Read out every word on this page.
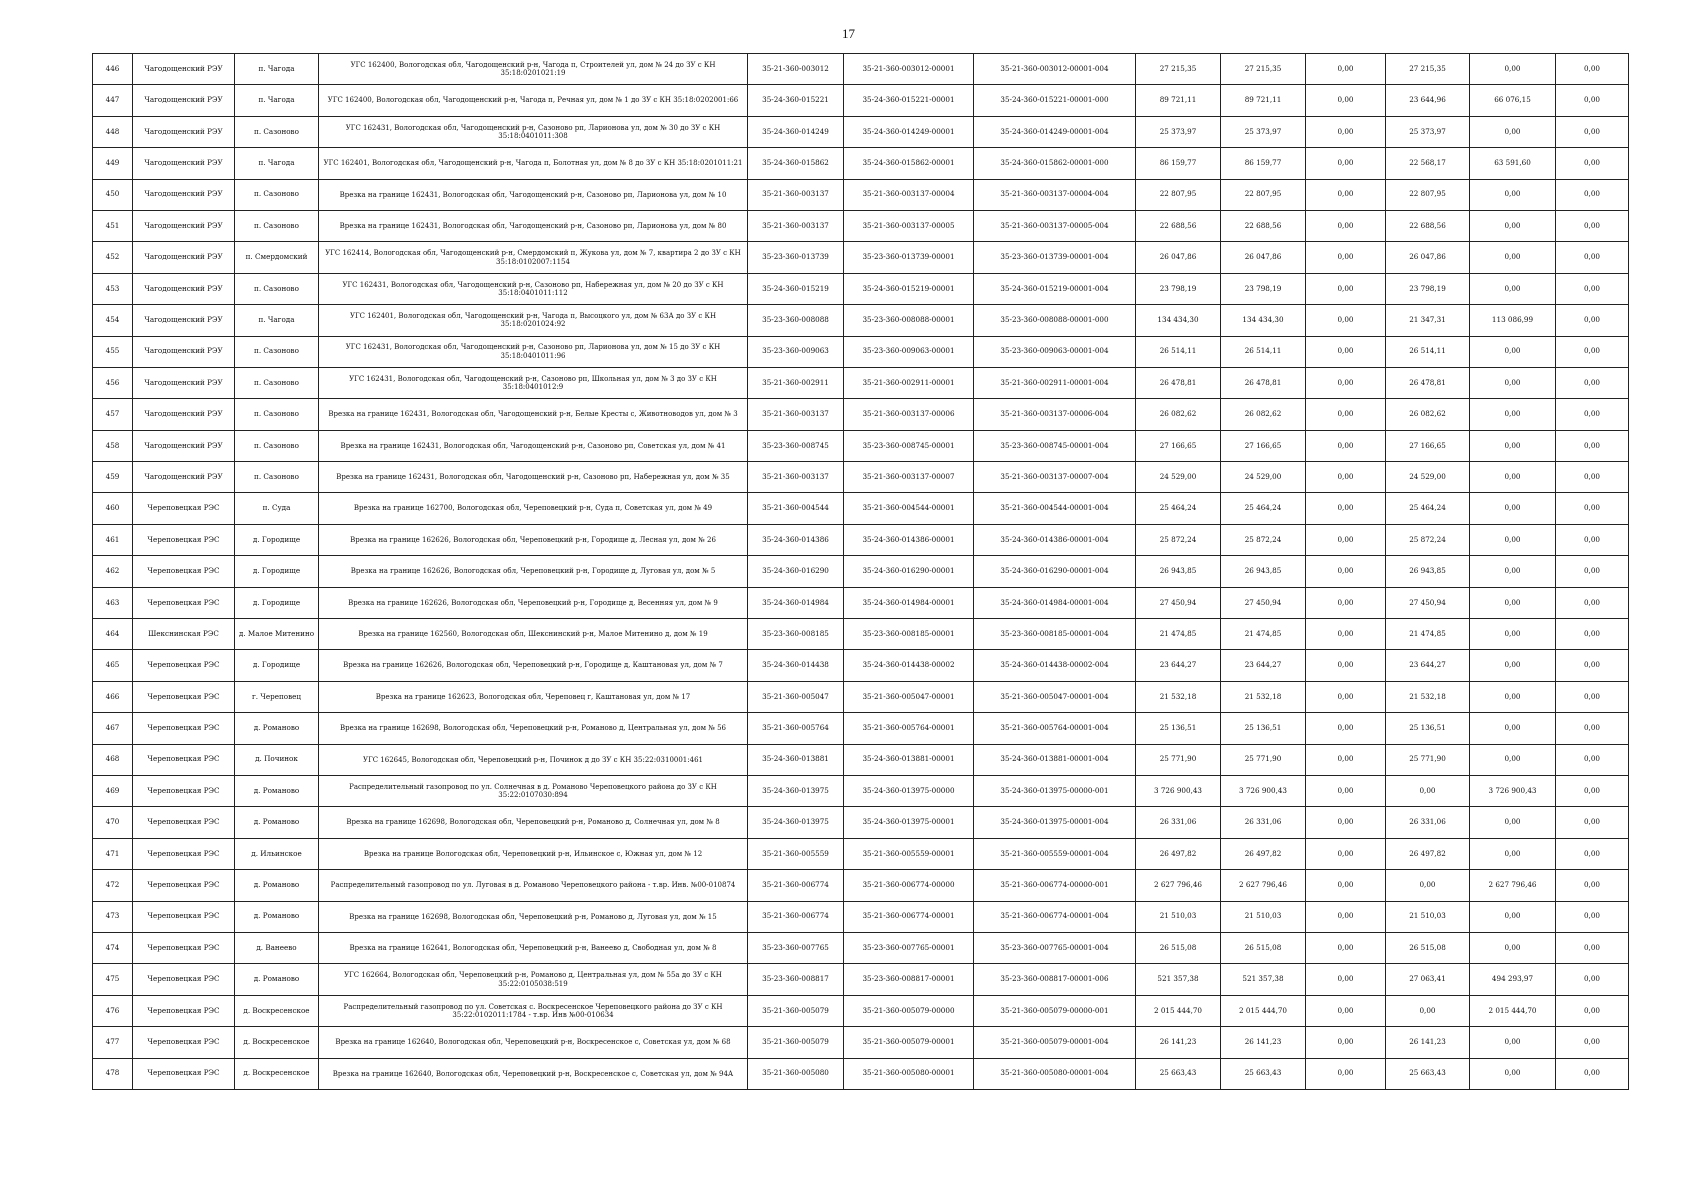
17
446	Чагодощенский РЭУ	п. Чагода	УГС 162400, Вологодская обл, Чагодощенский р-н, Чагода п, Строителей ул, дом № 24 до ЗУ с КН 35:18:0201021:19	35-21-360-003012	35-21-360-003012-00001	35-21-360-003012-00001-004	27 215,35	27 215,35	0,00	27 215,35	0,00	0,00
447	Чагодощенский РЭУ	п. Чагода	УГС 162400, Вологодская обл, Чагодощенский р-н, Чагода п, Речная ул, дом № 1 до ЗУ с КН 35:18:0202001:66	35-24-360-015221	35-24-360-015221-00001	35-24-360-015221-00001-000	89 721,11	89 721,11	0,00	23 644,96	66 076,15	0,00
448	Чагодощенский РЭУ	п. Сазоново	УГС 162431, Вологодская обл, Чагодощенский р-н, Сазоново рп, Ларионова ул, дом № 30 до ЗУ с КН 35:18:0401011:308	35-24-360-014249	35-24-360-014249-00001	35-24-360-014249-00001-004	25 373,97	25 373,97	0,00	25 373,97	0,00	0,00
449	Чагодощенский РЭУ	п. Чагода	УГС 162401, Вологодская обл, Чагодощенский р-н, Чагода п, Болотная ул, дом № 8 до ЗУ с КН 35:18:0201011:21	35-24-360-015862	35-24-360-015862-00001	35-24-360-015862-00001-000	86 159,77	86 159,77	0,00	22 568,17	63 591,60	0,00
450	Чагодощенский РЭУ	п. Сазоново	Врезка на границе 162431, Вологодская обл, Чагодощенский р-н, Сазоново рп, Ларионова ул, дом № 10	35-21-360-003137	35-21-360-003137-00004	35-21-360-003137-00004-004	22 807,95	22 807,95	0,00	22 807,95	0,00	0,00
451	Чагодощенский РЭУ	п. Сазоново	Врезка на границе 162431, Вологодская обл, Чагодощенский р-н, Сазоново рп, Ларионова ул, дом № 80	35-21-360-003137	35-21-360-003137-00005	35-21-360-003137-00005-004	22 688,56	22 688,56	0,00	22 688,56	0,00	0,00
452	Чагодощенский РЭУ	п. Смердомский	УГС 162414, Вологодская обл, Чагодощенский р-н, Смердомский п, Жукова ул, дом № 7, квартира 2 до ЗУ с КН 35:18:0102007:1154	35-23-360-013739	35-23-360-013739-00001	35-23-360-013739-00001-004	26 047,86	26 047,86	0,00	26 047,86	0,00	0,00
453	Чагодощенский РЭУ	п. Сазоново	УГС 162431, Вологодская обл, Чагодощенский р-н, Сазоново рп, Набережная ул, дом № 20 до ЗУ с КН 35:18:0401011:112	35-24-360-015219	35-24-360-015219-00001	35-24-360-015219-00001-004	23 798,19	23 798,19	0,00	23 798,19	0,00	0,00
454	Чагодощенский РЭУ	п. Чагода	УГС 162401, Вологодская обл, Чагодощенский р-н, Чагода п, Высоцкого ул, дом № 63А до ЗУ с КН 35:18:0201024:92	35-23-360-008088	35-23-360-008088-00001	35-23-360-008088-00001-000	134 434,30	134 434,30	0,00	21 347,31	113 086,99	0,00
455	Чагодощенский РЭУ	п. Сазоново	УГС 162431, Вологодская обл, Чагодощенский р-н, Сазоново рп, Ларионова ул, дом № 15 до ЗУ с КН 35:18:0401011:96	35-23-360-009063	35-23-360-009063-00001	35-23-360-009063-00001-004	26 514,11	26 514,11	0,00	26 514,11	0,00	0,00
456	Чагодощенский РЭУ	п. Сазоново	УГС 162431, Вологодская обл, Чагодощенский р-н, Сазоново рп, Школьная ул, дом № 3 до ЗУ с КН 35:18:0401012:9	35-21-360-002911	35-21-360-002911-00001	35-21-360-002911-00001-004	26 478,81	26 478,81	0,00	26 478,81	0,00	0,00
457	Чагодощенский РЭУ	п. Сазоново	Врезка на границе 162431, Вологодская обл, Чагодощенский р-н, Белые Кресты с, Животноводов ул, дом № 3	35-21-360-003137	35-21-360-003137-00006	35-21-360-003137-00006-004	26 082,62	26 082,62	0,00	26 082,62	0,00	0,00
458	Чагодощенский РЭУ	п. Сазоново	Врезка на границе 162431, Вологодская обл, Чагодощенский р-н, Сазоново рп, Советская ул, дом № 41	35-23-360-008745	35-23-360-008745-00001	35-23-360-008745-00001-004	27 166,65	27 166,65	0,00	27 166,65	0,00	0,00
459	Чагодощенский РЭУ	п. Сазоново	Врезка на границе 162431, Вологодская обл, Чагодощенский р-н, Сазоново рп, Набережная ул, дом № 35	35-21-360-003137	35-21-360-003137-00007	35-21-360-003137-00007-004	24 529,00	24 529,00	0,00	24 529,00	0,00	0,00
460	Череповецкая РЭС	п. Суда	Врезка на границе 162700, Вологодская обл, Череповецкий р-н, Суда п, Советская ул, дом № 49	35-21-360-004544	35-21-360-004544-00001	35-21-360-004544-00001-004	25 464,24	25 464,24	0,00	25 464,24	0,00	0,00
461	Череповецкая РЭС	д. Городище	Врезка на границе 162626, Вологодская обл, Череповецкий р-н, Городище д, Лесная ул, дом № 26	35-24-360-014386	35-24-360-014386-00001	35-24-360-014386-00001-004	25 872,24	25 872,24	0,00	25 872,24	0,00	0,00
462	Череповецкая РЭС	д. Городище	Врезка на границе 162626, Вологодская обл, Череповецкий р-н, Городище д, Луговая ул, дом № 5	35-24-360-016290	35-24-360-016290-00001	35-24-360-016290-00001-004	26 943,85	26 943,85	0,00	26 943,85	0,00	0,00
463	Череповецкая РЭС	д. Городище	Врезка на границе 162626, Вологодская обл, Череповецкий р-н, Городище д, Весенняя ул, дом № 9	35-24-360-014984	35-24-360-014984-00001	35-24-360-014984-00001-004	27 450,94	27 450,94	0,00	27 450,94	0,00	0,00
464	Шекснинская РЭС	д. Малое Митенино	Врезка на границе 162560, Вологодская обл, Шекснинский р-н, Малое Митенино д, дом № 19	35-23-360-008185	35-23-360-008185-00001	35-23-360-008185-00001-004	21 474,85	21 474,85	0,00	21 474,85	0,00	0,00
465	Череповецкая РЭС	д. Городище	Врезка на границе 162626, Вологодская обл, Череповецкий р-н, Городище д, Каштановая ул, дом № 7	35-24-360-014438	35-24-360-014438-00002	35-24-360-014438-00002-004	23 644,27	23 644,27	0,00	23 644,27	0,00	0,00
466	Череповецкая РЭС	г. Череповец	Врезка на границе 162623, Вологодская обл, Череповец г, Каштановая ул, дом № 17	35-21-360-005047	35-21-360-005047-00001	35-21-360-005047-00001-004	21 532,18	21 532,18	0,00	21 532,18	0,00	0,00
467	Череповецкая РЭС	д. Романово	Врезка на границе 162698, Вологодская обл, Череповецкий р-н, Романово д, Центральная ул, дом № 56	35-21-360-005764	35-21-360-005764-00001	35-21-360-005764-00001-004	25 136,51	25 136,51	0,00	25 136,51	0,00	0,00
468	Череповецкая РЭС	д. Починок	УГС 162645, Вологодская обл, Череповецкий р-н, Починок д до ЗУ с КН 35:22:0310001:461	35-24-360-013881	35-24-360-013881-00001	35-24-360-013881-00001-004	25 771,90	25 771,90	0,00	25 771,90	0,00	0,00
469	Череповецкая РЭС	д. Романово	Распределительный газопровод по ул. Солнечная в д. Романово Череповецкого района до ЗУ с КН 35:22:0107030:894	35-24-360-013975	35-24-360-013975-00000	35-24-360-013975-00000-001	3 726 900,43	3 726 900,43	0,00	0,00	3 726 900,43	0,00
470	Череповецкая РЭС	д. Романово	Врезка на границе 162698, Вологодская обл, Череповецкий р-н, Романово д, Солнечная ул, дом № 8	35-24-360-013975	35-24-360-013975-00001	35-24-360-013975-00001-004	26 331,06	26 331,06	0,00	26 331,06	0,00	0,00
471	Череповецкая РЭС	д. Ильинское	Врезка на границе Вологодская обл, Череповецкий р-н, Ильинское с, Южная ул, дом № 12	35-21-360-005559	35-21-360-005559-00001	35-21-360-005559-00001-004	26 497,82	26 497,82	0,00	26 497,82	0,00	0,00
472	Череповецкая РЭС	д. Романово	Распределительный газопровод по ул. Луговая в д. Романово Череповецкого района - т.вр. Инв. №00-010874	35-21-360-006774	35-21-360-006774-00000	35-21-360-006774-00000-001	2 627 796,46	2 627 796,46	0,00	0,00	2 627 796,46	0,00
473	Череповецкая РЭС	д. Романово	Врезка на границе 162698, Вологодская обл, Череповецкий р-н, Романово д, Луговая ул, дом № 15	35-21-360-006774	35-21-360-006774-00001	35-21-360-006774-00001-004	21 510,03	21 510,03	0,00	21 510,03	0,00	0,00
474	Череповецкая РЭС	д. Ванеево	Врезка на границе 162641, Вологодская обл, Череповецкий р-н, Ванеево д, Свободная ул, дом № 8	35-23-360-007765	35-23-360-007765-00001	35-23-360-007765-00001-004	26 515,08	26 515,08	0,00	26 515,08	0,00	0,00
475	Череповецкая РЭС	д. Романово	УГС 162664, Вологодская обл, Череповецкий р-н, Романово д, Центральная ул, дом № 55а до ЗУ с КН 35:22:0105038:519	35-23-360-008817	35-23-360-008817-00001	35-23-360-008817-00001-006	521 357,38	521 357,38	0,00	27 063,41	494 293,97	0,00
476	Череповецкая РЭС	д. Воскресенское	Распределительный газопровод по ул. Советская с. Воскресенское Череповецкого района до ЗУ с КН 35:22:0102011:1784 - т.вр. Инв №00-010634	35-21-360-005079	35-21-360-005079-00000	35-21-360-005079-00000-001	2 015 444,70	2 015 444,70	0,00	0,00	2 015 444,70	0,00
477	Череповецкая РЭС	д. Воскресенское	Врезка на границе 162640, Вологодская обл, Череповецкий р-н, Воскресенское с, Советская ул, дом № 68	35-21-360-005079	35-21-360-005079-00001	35-21-360-005079-00001-004	26 141,23	26 141,23	0,00	26 141,23	0,00	0,00
478	Череповецкая РЭС	д. Воскресенское	Врезка на границе 162640, Вологодская обл, Череповецкий р-н, Воскресенское с, Советская ул, дом № 94А	35-21-360-005080	35-21-360-005080-00001	35-21-360-005080-00001-004	25 663,43	25 663,43	0,00	25 663,43	0,00	0,00
